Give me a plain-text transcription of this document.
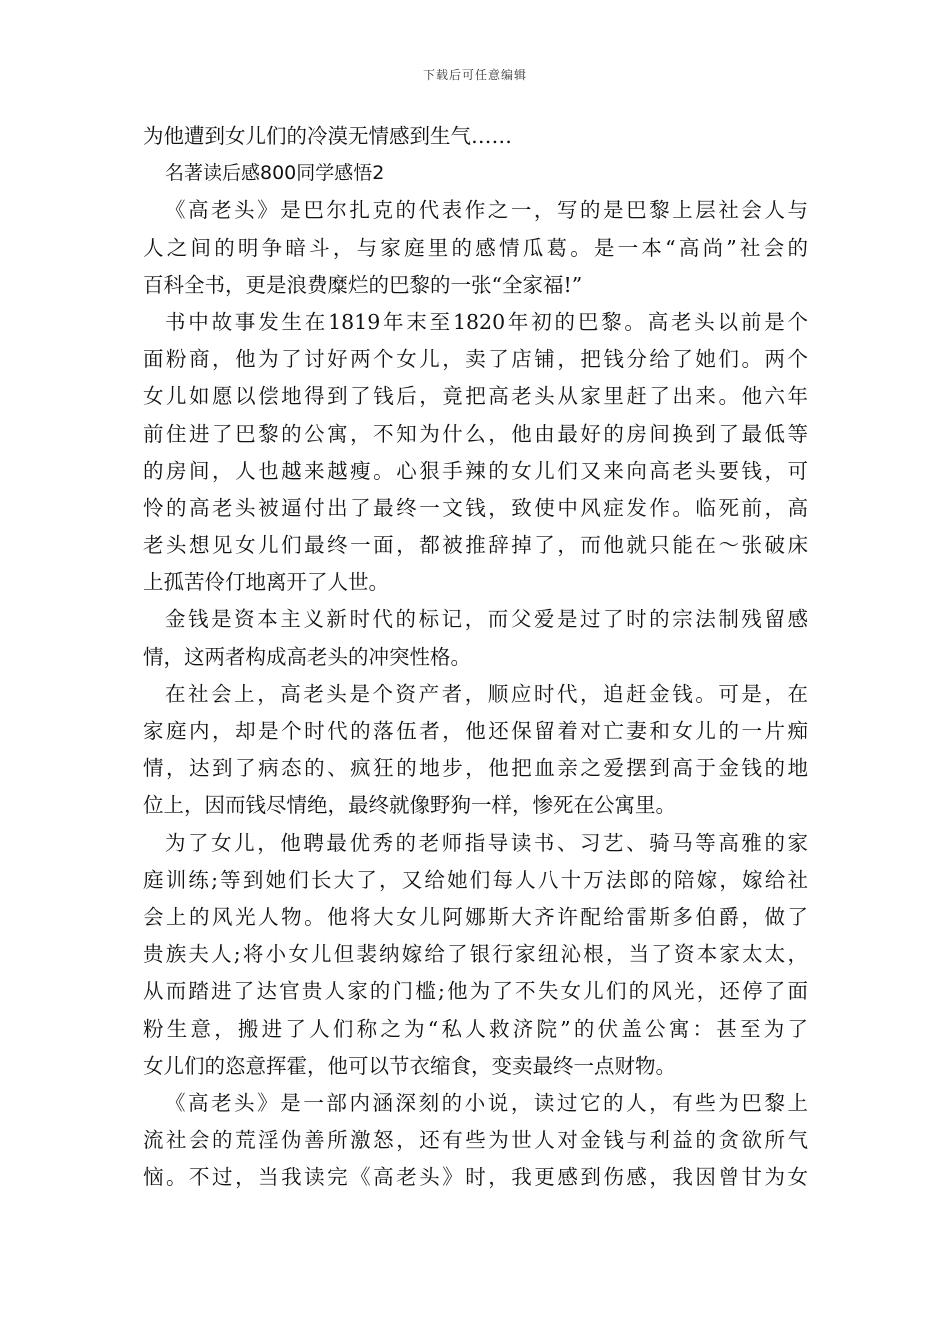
下载后可任意编辑
为他遭到女儿们的冷漠无情感到生气……
名著读后感800同学感悟2
《高老头》是巴尔扎克的代表作之一，写的是巴黎上层社会人与
人之间的明争暗斗，与家庭里的感情瓜葛。是一本“高尚”社会的
百科全书，更是浪费糜烂的巴黎的一张“全家福!”
书中故事发生在1819年末至1820年初的巴黎。高老头以前是个
面粉商，他为了讨好两个女儿，卖了店铺，把钱分给了她们。两个
女儿如愿以偿地得到了钱后，竟把高老头从家里赶了出来。他六年
前住进了巴黎的公寓，不知为什么，他由最好的房间换到了最低等
的房间，人也越来越瘦。心狠手辣的女儿们又来向高老头要钱，可
怜的高老头被逼付出了最终一文钱，致使中风症发作。临死前，高
老头想见女儿们最终一面，都被推辞掉了，而他就只能在～张破床
上孤苦伶仃地离开了人世。
金钱是资本主义新时代的标记，而父爱是过了时的宗法制残留感
情，这两者构成高老头的冲突性格。
在社会上，高老头是个资产者，顺应时代，追赶金钱。可是，在
家庭内，却是个时代的落伍者，他还保留着对亡妻和女儿的一片痴
情，达到了病态的、疯狂的地步，他把血亲之爱摆到高于金钱的地
位上，因而钱尽情绝，最终就像野狗一样，惨死在公寓里。
为了女儿，他聘最优秀的老师指导读书、习艺、骑马等高雅的家
庭训练;等到她们长大了，又给她们每人八十万法郎的陪嫁，嫁给社
会上的风光人物。他将大女儿阿娜斯大齐许配给雷斯多伯爵，做了
贵族夫人;将小女儿但裴纳嫁给了银行家纽沁根，当了资本家太太，
从而踏进了达官贵人家的门槛;他为了不失女儿们的风光，还停了面
粉生意，搬进了人们称之为“私人救济院”的伏盖公寓：甚至为了
女儿们的恣意挥霍，他可以节衣缩食，变卖最终一点财物。
《高老头》是一部内涵深刻的小说，读过它的人，有些为巴黎上
流社会的荒淫伪善所激怒，还有些为世人对金钱与利益的贪欲所气
恼。不过，当我读完《高老头》时，我更感到伤感，我因曾甘为女
